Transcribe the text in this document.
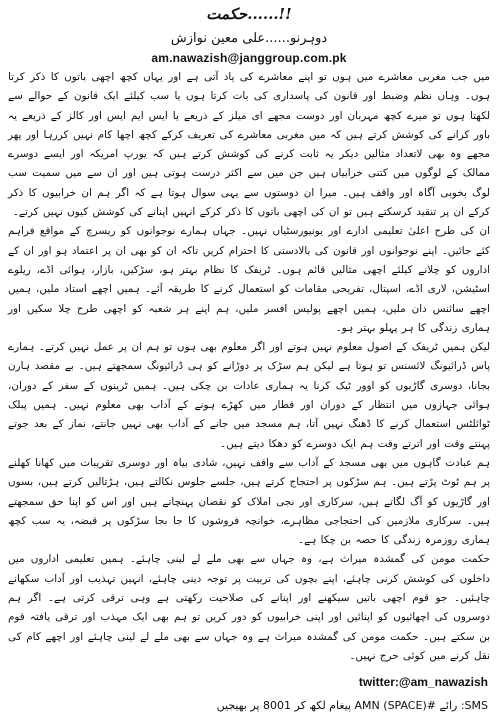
حکمت......!!
دوہرنو......علی معین نوازش
am.nawazish@janggroup.com.pk

میں جب مغربی معاشرے میں ہوں تو اپنے معاشرے کی یاد آتی ہے اور یہاں کچھ اچھی باتوں کا ذکر کرتا ہوں۔ وہاں نظم وضبط اور قانون کی پاسداری کی بات کرتا ہوں یا سب کیلئے ایک قانون کے حوالے سے لکھتا ہوں تو میرے کچھ مہربان اور دوست مجھے ای میلز کے ذریعے یا ایس ایم ایس اور کالز کے ذریعے یہ باور کرانے کی کوشش کرتے ہیں کہ میں مغربی معاشرے کی تعریف کرکے کچھ اچھا کام نہیں کررہا اور پھر مجھے وہ بھی لاتعداد مثالیں دیکر یہ ثابت کرنے کی کوشش کرتے ہیں کہ یورپ امریکہ اور ایسے دوسرے ممالک کے لوگوں میں کتنی خرابیاں ہیں جن میں سے اکثر درست ہوتی ہیں اور ان سے میں سمیت سب لوگ بخوبی آگاہ اور واقف ہیں۔ میرا ان دوستوں سے یہی سوال ہوتا ہے کہ اگر ہم ان خرابیوں کا ذکر کرکے ان پر تنقید کرسکتے ہیں تو ان کی اچھی باتوں کا ذکر کرکے انہیں اپنانے کی کوشش کیوں نہیں کرتے۔

ان کی طرح اعلیٰ تعلیمی ادارے اور یونیورسٹیاں نہیں۔ جہاں ہمارے نوجوانوں کو ریسرچ کے مواقع فراہم کئے جائیں۔ اپنے نوجوانوں اور قانون کی بالادستی کا احترام کریں تاکہ ان کو بھی ان پر اعتماد ہو اور ان کے اداروں کو چلانے کیلئے اچھی مثالیں قائم ہوں۔ ٹریفک کا نظام بہتر ہو، سڑکیں، بازار، ہوائی اڈے، ریلوے اسٹیشن، لاری اڈے، اسپتال، تفریحی مقامات کو استعمال کرنے کا طریقہ آئے۔ ہمیں اچھے استاد ملیں، ہمیں اچھے سائنس دان ملیں، ہمیں اچھے پولیس افسر ملیں، ہم اپنے ہر شعبہ کو اچھی طرح چلا سکیں اور ہماری زندگی کا ہر پہلو بہتر ہو۔

لیکن ہمیں ٹریفک کے اصول معلوم نہیں ہوتے اور اگر معلوم بھی ہوں تو ہم ان پر عمل نہیں کرتے۔ ہمارے پاس ڈرائیونگ لائسنس تو ہوتا ہے لیکن ہم سڑک پر دوڑانے کو ہی ڈرائیونگ سمجھتے ہیں۔ بے مقصد ہارن بجانا، دوسری گاڑیوں کو اوور ٹیک کرنا یہ ہماری عادات بن چکی ہیں۔ ہمیں ٹرینوں کے سفر کے دوران، ہوائی جہازوں میں انتظار کے دوران اور قطار میں کھڑے ہونے کے آداب بھی معلوم نہیں۔ ہمیں پبلک ٹوائلٹس استعمال کرنے کا ڈھنگ نہیں آتا، ہم مسجد میں جانے کے آداب بھی نہیں جانتے، نماز کے بعد جوتے پہنتے وقت اور اترتے وقت ہم ایک دوسرے کو دھکا دیتے ہیں۔

ہم عبادت گاہوں میں بھی مسجد کے آداب سے واقف نہیں، شادی بیاہ اور دوسری تقریبات میں کھانا کھلنے پر ہم ٹوٹ پڑتے ہیں۔ ہم سڑکوں پر احتجاج کرتے ہیں، جلسے جلوس نکالتے ہیں، ہڑتالیں کرتے ہیں، بسوں اور گاڑیوں کو آگ لگاتے ہیں، سرکاری اور نجی املاک کو نقصان پہنچاتے ہیں اور اس کو اپنا حق سمجھتے ہیں۔ سرکاری ملازمین کی احتجاجی مظاہرے، خوانچہ فروشوں کا جا بجا سڑکوں پر قبضہ، یہ سب کچھ ہماری روزمرہ زندگی کا حصہ بن چکا ہے۔

حکمت مومن کی گمشدہ میراث ہے، وہ جہاں سے بھی ملے لے لینی چاہئے۔ ہمیں تعلیمی اداروں میں داخلوں کی کوشش کرنی چاہئے، اپنے بچوں کی تربیت پر توجہ دینی چاہئے، انہیں تہذیب اور آداب سکھانے چاہئیں۔ جو قوم اچھی باتیں سیکھنے اور اپنانے کی صلاحیت رکھتی ہے وہی ترقی کرتی ہے۔ اگر ہم دوسروں کی اچھائیوں کو اپنائیں اور اپنی خرابیوں کو دور کریں تو ہم بھی ایک مہذب اور ترقی یافتہ قوم بن سکتے ہیں۔ حکمت مومن کی گمشدہ میراث ہے وہ جہاں سے بھی ملے لے لینی چاہئے اور اچھے کام کی نقل کرنے میں کوئی حرج نہیں۔

twitter:@am_nawazish
SMS: رائے #AMN (SPACE) پیغام لکھ کر 8001 پر بھیجیں
